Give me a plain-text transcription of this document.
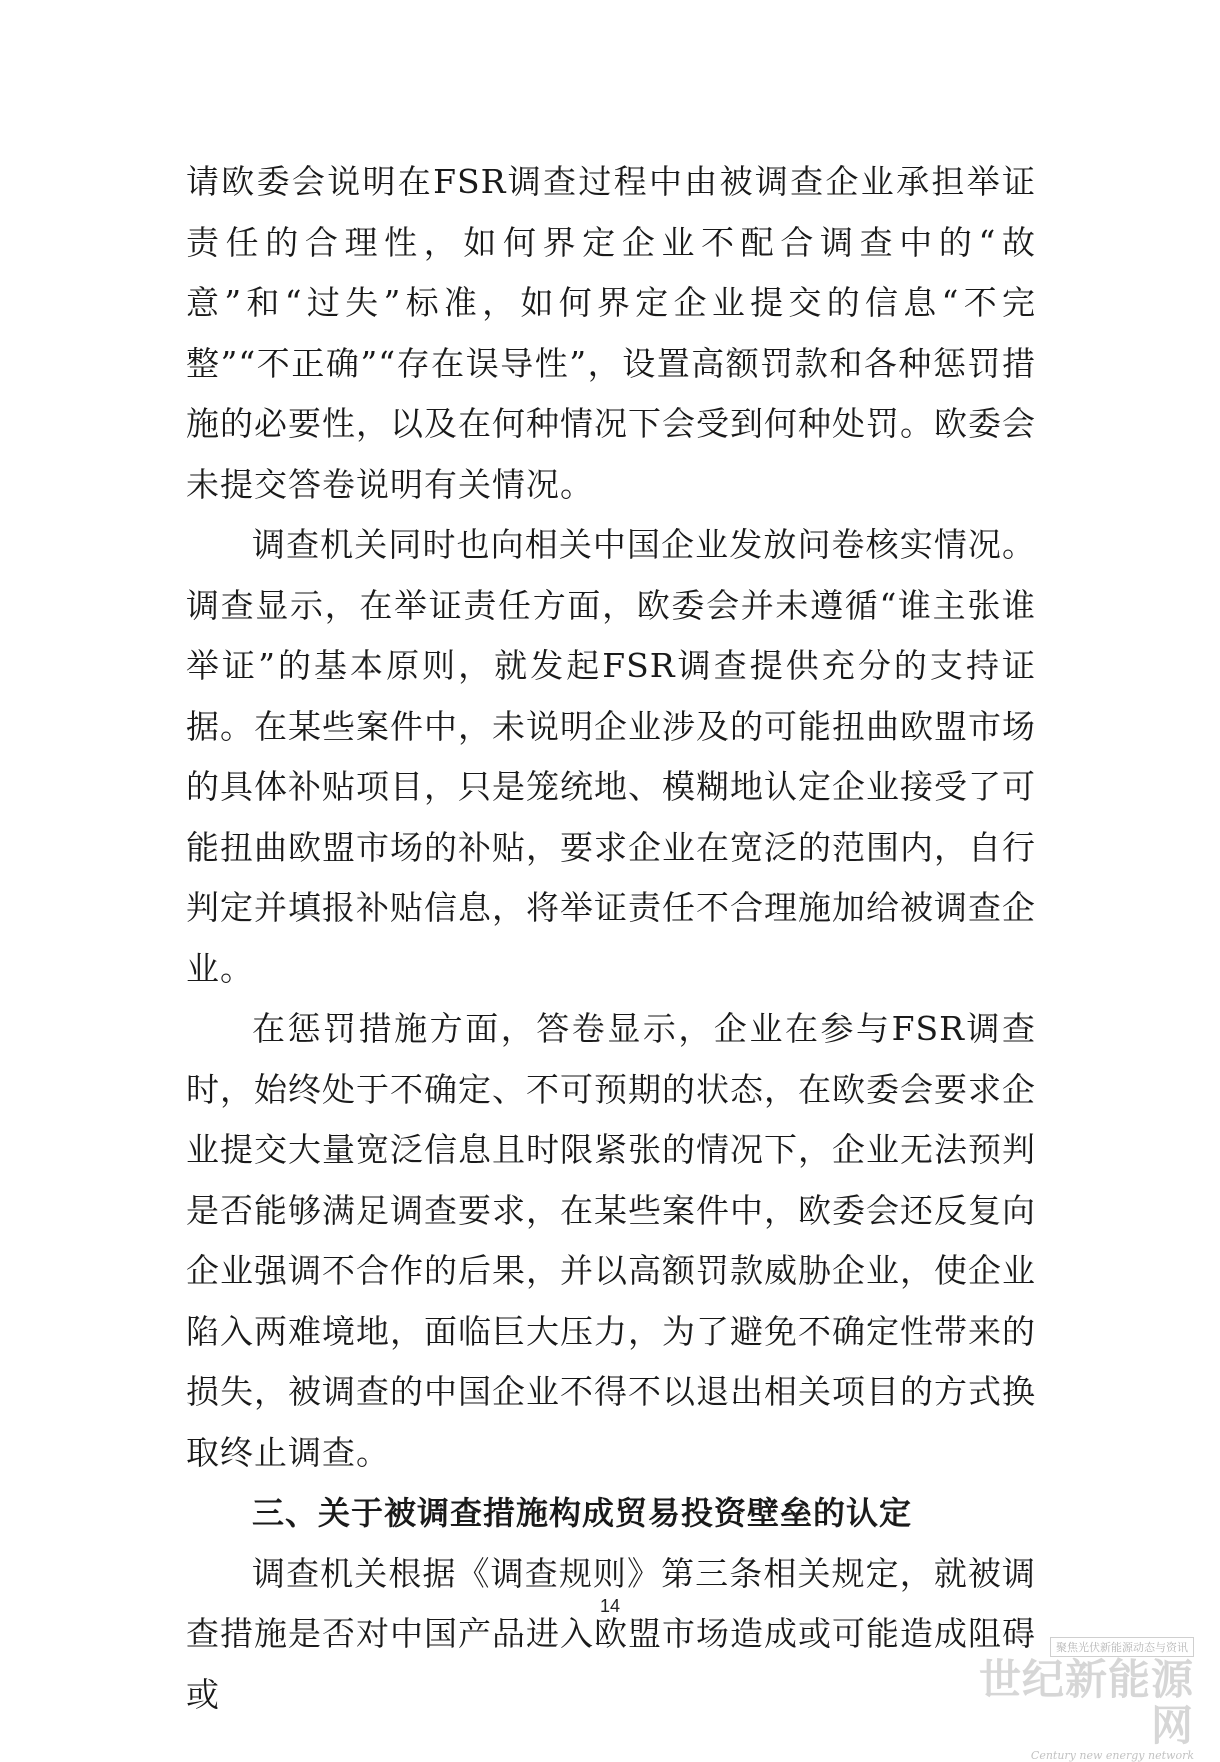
请欧委会说明在FSR调查过程中由被调查企业承担举证责任的合理性，如何界定企业不配合调查中的“故意”和“过失”标准，如何界定企业提交的信息“不完整”“不正确”“存在误导性”，设置高额罚款和各种惩罚措施的必要性，以及在何种情况下会受到何种处罚。欧委会未提交答卷说明有关情况。

调查机关同时也向相关中国企业发放问卷核实情况。调查显示，在举证责任方面，欧委会并未遵循“谁主张谁举证”的基本原则，就发起FSR调查提供充分的支持证据。在某些案件中，未说明企业涉及的可能扭曲欧盟市场的具体补贴项目，只是笼统地、模糊地认定企业接受了可能扭曲欧盟市场的补贴，要求企业在宽泛的范围内，自行判定并填报补贴信息，将举证责任不合理施加给被调查企业。

在惩罚措施方面，答卷显示，企业在参与FSR调查时，始终处于不确定、不可预期的状态，在欧委会要求企业提交大量宽泛信息且时限紧张的情况下，企业无法预判是否能够满足调查要求，在某些案件中，欧委会还反复向企业强调不合作的后果，并以高额罚款威胁企业，使企业陷入两难境地，面临巨大压力，为了避免不确定性带来的损失，被调查的中国企业不得不以退出相关项目的方式换取终止调查。

三、关于被调查措施构成贸易投资壁垒的认定

调查机关根据《调查规则》第三条相关规定，就被调查措施是否对中国产品进入欧盟市场造成或可能造成阻碍或

14
聚焦光伏新能源动态与资讯
世纪新能源网
Century new energy network
